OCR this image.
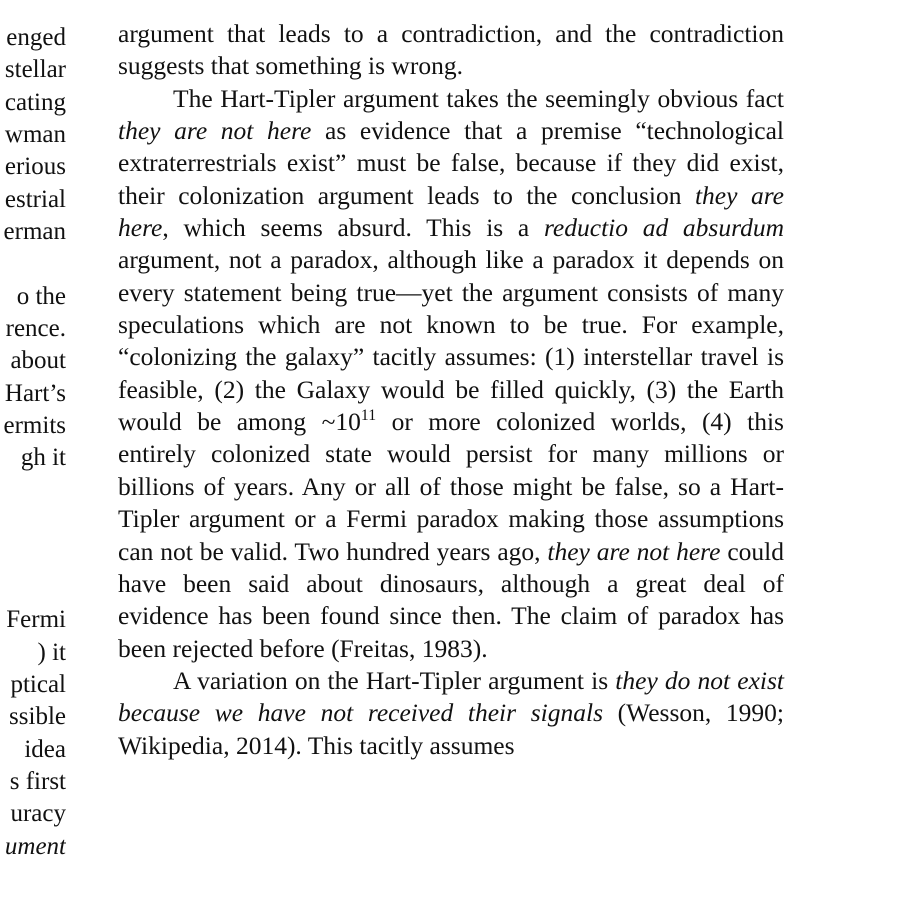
enged
stellar
cating
wman
erious
estrial
erman
o the
rence.
about
Hart’s
ermits
gh it
Fermi
) it
ptical
ssible
idea
s first
uracy
ument

argument that leads to a contradiction, and the contradiction suggests that something is wrong.

The Hart-Tipler argument takes the seemingly obvious fact they are not here as evidence that a premise “technological extraterrestrials exist” must be false, because if they did exist, their colonization argument leads to the conclusion they are here, which seems absurd. This is a reductio ad absurdum argument, not a paradox, although like a paradox it depends on every statement being true—yet the argument consists of many speculations which are not known to be true. For example, “colonizing the galaxy” tacitly assumes: (1) interstellar travel is feasible, (2) the Galaxy would be filled quickly, (3) the Earth would be among $\sim 10^{11}$ or more colonized worlds, (4) this entirely colonized state would persist for many millions or billions of years. Any or all of those might be false, so a Hart-Tipler argument or a Fermi paradox making those assumptions can not be valid. Two hundred years ago, they are not here could have been said about dinosaurs, although a great deal of evidence has been found since then. The claim of paradox has been rejected before (Freitas, 1983).

A variation on the Hart-Tipler argument is they do not exist because we have not received their signals (Wesson, 1990; Wikipedia, 2014). This tacitly assumes
